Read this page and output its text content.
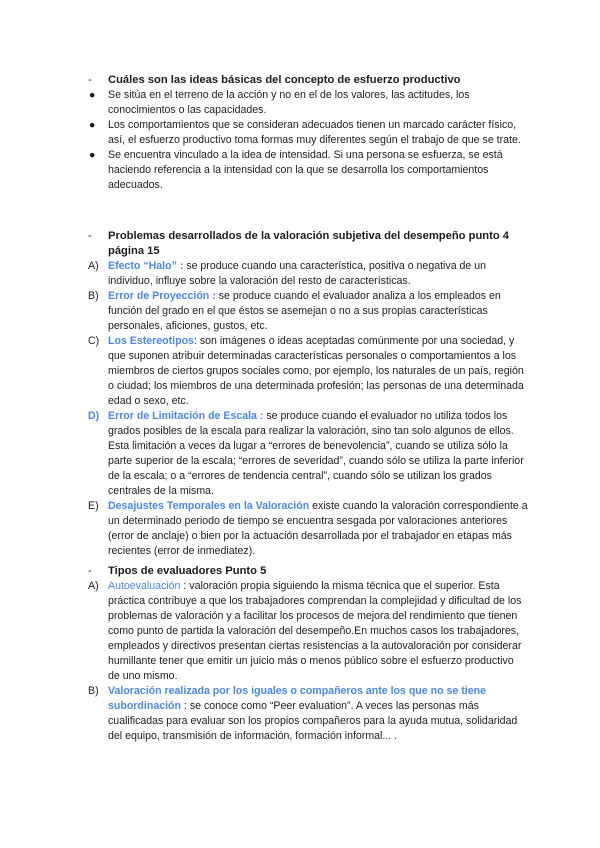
- Cuáles son las ideas básicas del concepto de esfuerzo productivo
● Se sitúa en el terreno de la acción y no en el de los valores, las actitudes, los conocimientos o las capacidades.
● Los comportamientos que se consideran adecuados tienen un marcado carácter físico, así, el esfuerzo productivo toma formas muy diferentes según el trabajo de que se trate.
● Se encuentra vinculado a la idea de intensidad. Si una persona se esfuerza, se está haciendo referencia a la intensidad con la que se desarrolla los comportamientos adecuados.
- Problemas desarrollados de la valoración subjetiva del desempeño punto 4 página 15
A) Efecto “Halo” : se produce cuando una característica, positiva o negativa de un individuo, influye sobre la valoración del resto de características.
B) Error de Proyección : se produce cuando el evaluador analiza a los empleados en función del grado en el que éstos se asemejan o no a sus propias características personales, aficiones, gustos, etc.
C) Los Estereotipos: son imágenes o ideas aceptadas comúnmente por una sociedad, y que suponen atribuir determinadas características personales o comportamientos a los miembros de ciertos grupos sociales como, por ejemplo, los naturales de un país, región o ciudad; los miembros de una determinada profesión; las personas de una determinada edad o sexo, etc.
D) Error de Limitación de Escala : se produce cuando el evaluador no utiliza todos los grados posibles de la escala para realizar la valoración, sino tan solo algunos de ellos. Esta limitación a veces da lugar a “errores de benevolencia”, cuando se utiliza sólo la parte superior de la escala; “errores de severidad”, cuando sólo se utiliza la parte inferior de la escala; o a “errores de tendencia central”, cuando sólo se utilizan los grados centrales de la misma.
E) Desajustes Temporales en la Valoración existe cuando la valoración correspondiente a un determinado periodo de tiempo se encuentra sesgada por valoraciones anteriores (error de anclaje) o bien por la actuación desarrollada por el trabajador en etapas más recientes (error de inmediatez).
- Tipos de evaluadores Punto 5
A) Autoevaluación : valoración propia siguiendo la misma técnica que el superior. Esta práctica contribuye a que los trabajadores comprendan la complejidad y dificultad de los problemas de valoración y a facilitar los procesos de mejora del rendimiento que tienen como punto de partida la valoración del desempeño.En muchos casos los trabajadores, empleados y directivos presentan ciertas resistencias a la autovaloración por considerar humillante tener que emitir un juicio más o menos público sobre el esfuerzo productivo de uno mismo.
B) Valoración realizada por los iguales o compañeros ante los que no se tiene subordinación : se conoce como “Peer evaluation”. A veces las personas más cualificadas para evaluar son los propios compañeros para la ayuda mutua, solidaridad del equipo, transmisión de información, formación informal... .
